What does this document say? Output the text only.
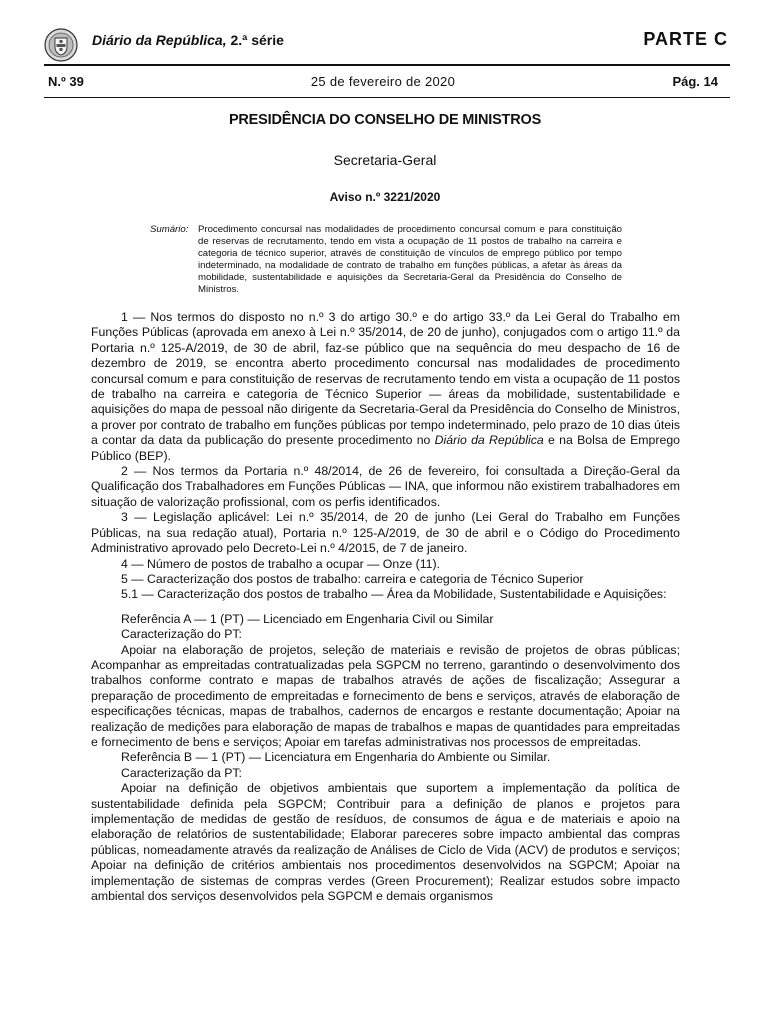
Diário da República, 2.ª série	PARTE C
N.º 39	25 de fevereiro de 2020	Pág. 14
PRESIDÊNCIA DO CONSELHO DE MINISTROS
Secretaria-Geral
Aviso n.º 3221/2020
Sumário: Procedimento concursal nas modalidades de procedimento concursal comum e para constituição de reservas de recrutamento, tendo em vista a ocupação de 11 postos de trabalho na carreira e categoria de técnico superior, através de constituição de vínculos de emprego público por tempo indeterminado, na modalidade de contrato de trabalho em funções públicas, a afetar às áreas da mobilidade, sustentabilidade e aquisições da Secretaria-Geral da Presidência do Conselho de Ministros.

1 — Nos termos do disposto no n.º 3 do artigo 30.º e do artigo 33.º da Lei Geral do Trabalho em Funções Públicas (aprovada em anexo à Lei n.º 35/2014, de 20 de junho), conjugados com o artigo 11.º da Portaria n.º 125-A/2019, de 30 de abril, faz-se público que na sequência do meu despacho de 16 de dezembro de 2019, se encontra aberto procedimento concursal nas modalidades de procedimento concursal comum e para constituição de reservas de recrutamento tendo em vista a ocupação de 11 postos de trabalho na carreira e categoria de Técnico Superior — áreas da mobilidade, sustentabilidade e aquisições do mapa de pessoal não dirigente da Secretaria-Geral da Presidência do Conselho de Ministros, a prover por contrato de trabalho em funções públicas por tempo indeterminado, pelo prazo de 10 dias úteis a contar da data da publicação do presente procedimento no Diário da República e na Bolsa de Emprego Público (BEP).

2 — Nos termos da Portaria n.º 48/2014, de 26 de fevereiro, foi consultada a Direção-Geral da Qualificação dos Trabalhadores em Funções Públicas — INA, que informou não existirem trabalhadores em situação de valorização profissional, com os perfis identificados.

3 — Legislação aplicável: Lei n.º 35/2014, de 20 de junho (Lei Geral do Trabalho em Funções Públicas, na sua redação atual), Portaria n.º 125-A/2019, de 30 de abril e o Código do Procedimento Administrativo aprovado pelo Decreto-Lei n.º 4/2015, de 7 de janeiro.

4 — Número de postos de trabalho a ocupar — Onze (11).

5 — Caracterização dos postos de trabalho: carreira e categoria de Técnico Superior

5.1 — Caracterização dos postos de trabalho — Área da Mobilidade, Sustentabilidade e Aquisições:

Referência A — 1 (PT) — Licenciado em Engenharia Civil ou Similar

Caracterização do PT:

Apoiar na elaboração de projetos, seleção de materiais e revisão de projetos de obras públicas; Acompanhar as empreitadas contratualizadas pela SGPCM no terreno, garantindo o desenvolvimento dos trabalhos conforme contrato e mapas de trabalhos através de ações de fiscalização; Assegurar a preparação de procedimento de empreitadas e fornecimento de bens e serviços, através de elaboração de especificações técnicas, mapas de trabalhos, cadernos de encargos e restante documentação; Apoiar na realização de medições para elaboração de mapas de trabalhos e mapas de quantidades para empreitadas e fornecimento de bens e serviços; Apoiar em tarefas administrativas nos processos de empreitadas.

Referência B — 1 (PT) — Licenciatura em Engenharia do Ambiente ou Similar.

Caracterização da PT:

Apoiar na definição de objetivos ambientais que suportem a implementação da política de sustentabilidade definida pela SGPCM; Contribuir para a definição de planos e projetos para implementação de medidas de gestão de resíduos, de consumos de água e de materiais e apoio na elaboração de relatórios de sustentabilidade; Elaborar pareceres sobre impacto ambiental das compras públicas, nomeadamente através da realização de Análises de Ciclo de Vida (ACV) de produtos e serviços; Apoiar na definição de critérios ambientais nos procedimentos desenvolvidos na SGPCM; Apoiar na implementação de sistemas de compras verdes (Green Procurement); Realizar estudos sobre impacto ambiental dos serviços desenvolvidos pela SGPCM e demais organismos
